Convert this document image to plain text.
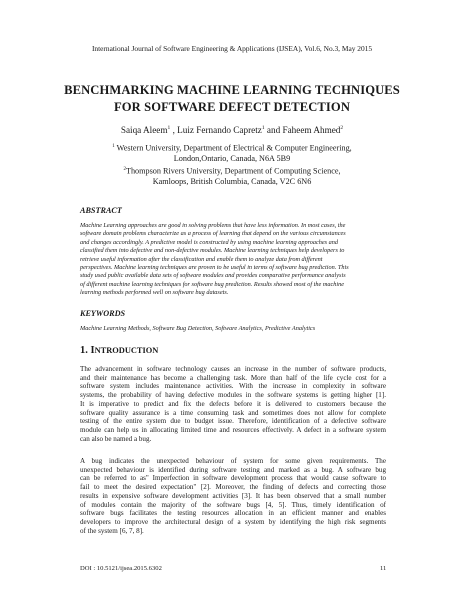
International Journal of Software Engineering & Applications (IJSEA), Vol.6, No.3, May 2015
BENCHMARKING MACHINE LEARNING TECHNIQUES
FOR SOFTWARE DEFECT DETECTION
Saiqa Aleem$^1$ , Luiz Fernando Capretz$^1$ and Faheem Ahmed$^2$
$^1$ Western University, Department of Electrical & Computer Engineering,
London,Ontario, Canada, N6A 5B9
$^2$Thompson Rivers University, Department of Computing Science,
Kamloops, British Columbia, Canada, V2C 6N6
ABSTRACT
Machine Learning approaches are good in solving problems that have less information. In most cases, the
software domain problems characterize as a process of learning that depend on the various circumstances
and changes accordingly. A predictive model is constructed by using machine learning approaches and
classified them into defective and non-defective modules. Machine learning techniques help developers to
retrieve useful information after the classification and enable them to analyze data from different
perspectives. Machine learning techniques are proven to be useful in terms of software bug prediction. This
study used public available data sets of software modules and provides comparative performance analysis
of different machine learning techniques for software bug prediction. Results showed most of the machine
learning methods performed well on software bug datasets.
KEYWORDS
Machine Learning Methods, Software Bug Detection, Software Analytics, Predictive Analytics
1. INTRODUCTION
The advancement in software technology causes an increase in the number of software products,
and their maintenance has become a challenging task. More than half of the life cycle cost for a
software system includes maintenance activities. With the increase in complexity in software
systems, the probability of having defective modules in the software systems is getting higher [1].
It is imperative to predict and fix the defects before it is delivered to customers because the
software quality assurance is a time consuming task and sometimes does not allow for complete
testing of the entire system due to budget issue. Therefore, identification of a defective software
module can help us in allocating limited time and resources effectively. A defect in a software system
can also be named a bug.
A bug indicates the unexpected behaviour of system for some given requirements. The
unexpected behaviour is identified during software testing and marked as a bug. A software bug
can be referred to as" Imperfection in software development process that would cause software to
fail to meet the desired expectation" [2]. Moreover, the finding of defects and correcting those
results in expensive software development activities [3]. It has been observed that a small number
of modules contain the majority of the software bugs [4, 5]. Thus, timely identification of
software bugs facilitates the testing resources allocation in an efficient manner and enables
developers to improve the architectural design of a system by identifying the high risk segments
of the system [6, 7, 8].
DOI : 10.5121/ijsea.2015.6302	11
